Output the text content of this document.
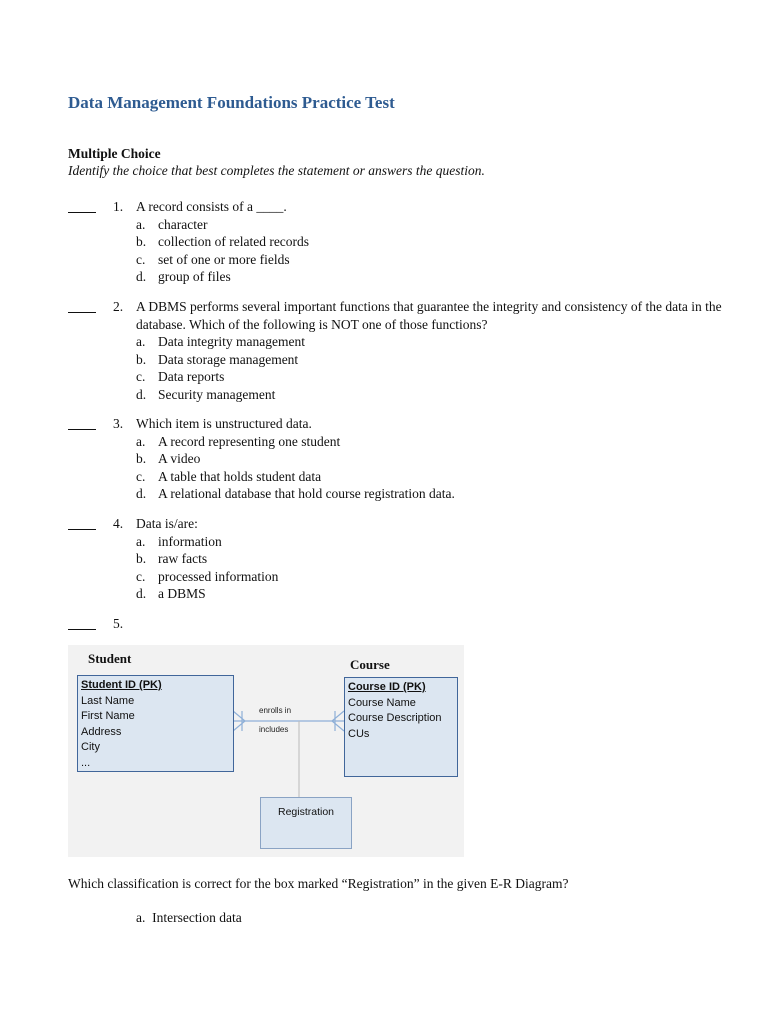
Data Management Foundations Practice Test
Multiple Choice
Identify the choice that best completes the statement or answers the question.
1. A record consists of a ____.
a. character
b. collection of related records
c. set of one or more fields
d. group of files
2. A DBMS performs several important functions that guarantee the integrity and consistency of the data in the database. Which of the following is NOT one of those functions?
a. Data integrity management
b. Data storage management
c. Data reports
d. Security management
3. Which item is unstructured data.
a. A record representing one student
b. A video
c. A table that holds student data
d. A relational database that hold course registration data.
4. Data is/are:
a. information
b. raw facts
c. processed information
d. a DBMS
5.
Student
Student ID (PK)
Last Name
First Name
Address
City
...
Course
Course ID (PK)
Course Name
Course Description
CUs
enrolls in
includes
Registration
Which classification is correct for the box marked “Registration” in the given E-R Diagram?
a. Intersection data
